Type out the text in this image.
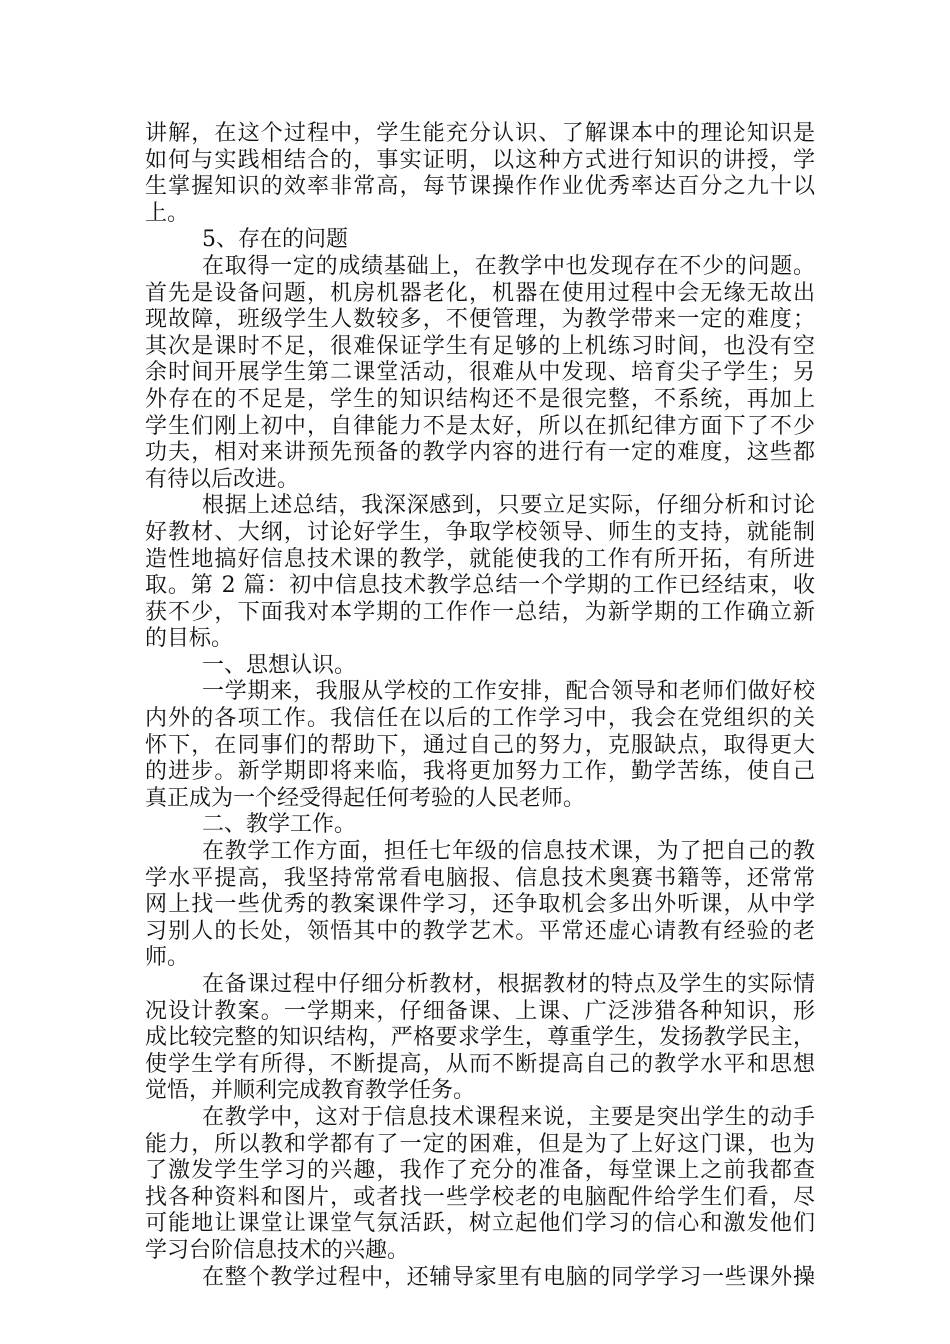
讲解，在这个过程中，学生能充分认识、了解课本中的理论知识是
如何与实践相结合的，事实证明，以这种方式进行知识的讲授，学
生掌握知识的效率非常高，每节课操作作业优秀率达百分之九十以
上。
5、存在的问题
在取得一定的成绩基础上，在教学中也发现存在不少的问题。
首先是设备问题，机房机器老化，机器在使用过程中会无缘无故出
现故障，班级学生人数较多，不便管理，为教学带来一定的难度；
其次是课时不足，很难保证学生有足够的上机练习时间，也没有空
余时间开展学生第二课堂活动，很难从中发现、培育尖子学生；另
外存在的不足是，学生的知识结构还不是很完整，不系统，再加上
学生们刚上初中，自律能力不是太好，所以在抓纪律方面下了不少
功夫，相对来讲预先预备的教学内容的进行有一定的难度，这些都
有待以后改进。
根据上述总结，我深深感到，只要立足实际，仔细分析和讨论
好教材、大纲，讨论好学生，争取学校领导、师生的支持，就能制
造性地搞好信息技术课的教学，就能使我的工作有所开拓，有所进
取。第 2 篇：初中信息技术教学总结一个学期的工作已经结束，收
获不少，下面我对本学期的工作作一总结，为新学期的工作确立新
的目标。
一、思想认识。
一学期来，我服从学校的工作安排，配合领导和老师们做好校
内外的各项工作。我信任在以后的工作学习中，我会在党组织的关
怀下，在同事们的帮助下，通过自己的努力，克服缺点，取得更大
的进步。新学期即将来临，我将更加努力工作，勤学苦练，使自己
真正成为一个经受得起任何考验的人民老师。
二、教学工作。
在教学工作方面，担任七年级的信息技术课，为了把自己的教
学水平提高，我坚持常常看电脑报、信息技术奥赛书籍等，还常常
网上找一些优秀的教案课件学习，还争取机会多出外听课，从中学
习别人的长处，领悟其中的教学艺术。平常还虚心请教有经验的老
师。
在备课过程中仔细分析教材，根据教材的特点及学生的实际情
况设计教案。一学期来，仔细备课、上课、广泛涉猎各种知识，形
成比较完整的知识结构，严格要求学生，尊重学生，发扬教学民主，
使学生学有所得，不断提高，从而不断提高自己的教学水平和思想
觉悟，并顺利完成教育教学任务。
在教学中，这对于信息技术课程来说，主要是突出学生的动手
能力，所以教和学都有了一定的困难，但是为了上好这门课，也为
了激发学生学习的兴趣，我作了充分的准备，每堂课上之前我都查
找各种资料和图片，或者找一些学校老的电脑配件给学生们看，尽
可能地让课堂让课堂气氛活跃，树立起他们学习的信心和激发他们
学习台阶信息技术的兴趣。
在整个教学过程中，还辅导家里有电脑的同学学习一些课外操
